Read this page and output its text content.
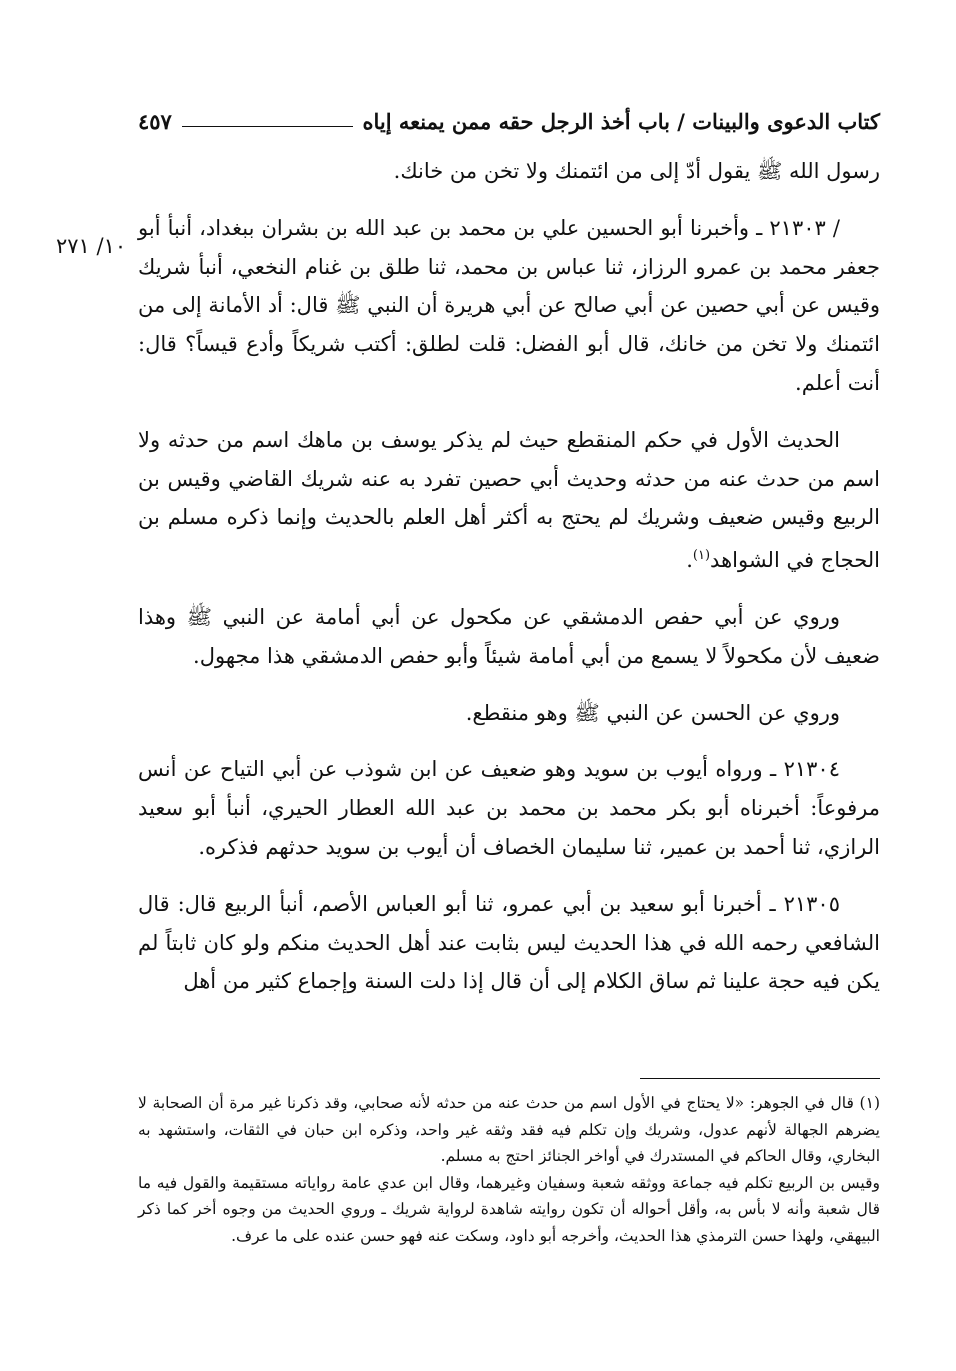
كتاب الدعوى والبينات / باب أخذ الرجل حقه ممن يمنعه إياه
٤٥٧
١٠/ ٢٧١

رسول الله ﷺ يقول أدّ إلى من ائتمنك ولا تخن من خانك.

/ ٢١٣٠٣ ـ وأخبرنا أبو الحسين علي بن محمد بن عبد الله بن بشران ببغداد، أنبأ أبو جعفر محمد بن عمرو الرزاز، ثنا عباس بن محمد، ثنا طلق بن غنام النخعي، أنبأ شريك وقيس عن أبي حصين عن أبي صالح عن أبي هريرة أن النبي ﷺ قال: أد الأمانة إلى من ائتمنك ولا تخن من خانك، قال أبو الفضل: قلت لطلق: أكتب شريكاً وأدع قيساً؟ قال: أنت أعلم.

الحديث الأول في حكم المنقطع حيث لم يذكر يوسف بن ماهك اسم من حدثه ولا اسم من حدث عنه من حدثه وحديث أبي حصين تفرد به عنه شريك القاضي وقيس بن الربيع وقيس ضعيف وشريك لم يحتج به أكثر أهل العلم بالحديث وإنما ذكره مسلم بن الحجاج في الشواهد$^{(١)}$.

وروي عن أبي حفص الدمشقي عن مكحول عن أبي أمامة عن النبي ﷺ وهذا ضعيف لأن مكحولاً لا يسمع من أبي أمامة شيئاً وأبو حفص الدمشقي هذا مجهول.

وروي عن الحسن عن النبي ﷺ وهو منقطع.

٢١٣٠٤ ـ ورواه أيوب بن سويد وهو ضعيف عن ابن شوذب عن أبي التياح عن أنس مرفوعاً: أخبرناه أبو بكر محمد بن محمد بن عبد الله العطار الحيري، أنبأ أبو سعيد الرازي، ثنا أحمد بن عمير، ثنا سليمان الخصاف أن أيوب بن سويد حدثهم فذكره.

٢١٣٠٥ ـ أخبرنا أبو سعيد بن أبي عمرو، ثنا أبو العباس الأصم، أنبأ الربيع قال: قال الشافعي رحمه الله في هذا الحديث ليس بثابت عند أهل الحديث منكم ولو كان ثابتاً لم يكن فيه حجة علينا ثم ساق الكلام إلى أن قال إذا دلت السنة وإجماع كثير من أهل

(١) قال في الجوهر: «لا يحتاج في الأول اسم من حدث عنه من حدثه لأنه صحابي، وقد ذكرنا غير مرة أن الصحابة لا يضرهم الجهالة لأنهم عدول، وشريك وإن تكلم فيه فقد وثقه غير واحد، وذكره ابن حبان في الثقات، واستشهد به البخاري، وقال الحاكم في المستدرك في أواخر الجنائز احتج به مسلم.

وقيس بن الربيع تكلم فيه جماعة ووثقه شعبة وسفيان وغيرهما، وقال ابن عدي عامة رواياته مستقيمة والقول فيه ما قال شعبة وأنه لا بأس به، وأقل أحواله أن تكون روايته شاهدة لرواية شريك ـ وروي الحديث من وجوه أخر كما ذكر البيهقي، ولهذا حسن الترمذي هذا الحديث، وأخرجه أبو داود، وسكت عنه فهو حسن عنده على ما عرف.
